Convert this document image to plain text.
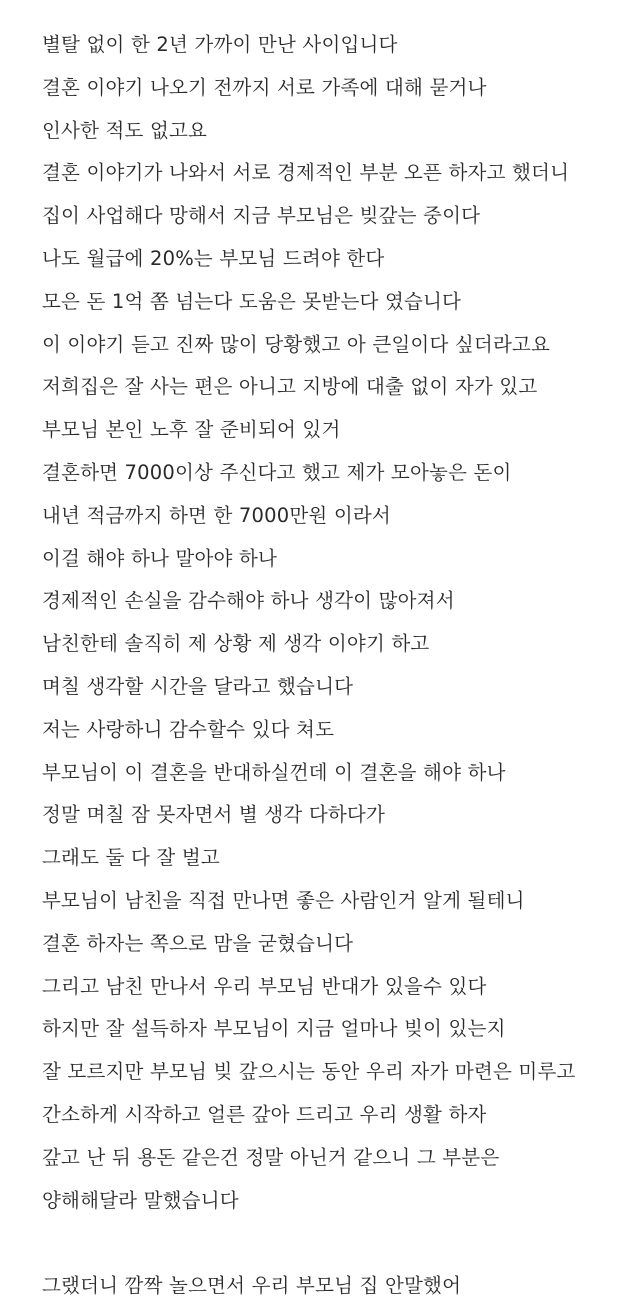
별탈 없이 한 2년 가까이 만난 사이입니다
결혼 이야기 나오기 전까지 서로 가족에 대해 묻거나
인사한 적도 없고요
결혼 이야기가 나와서 서로 경제적인 부분 오픈 하자고 했더니
집이 사업해다 망해서 지금 부모님은 빚갚는 중이다
나도 월급에 20%는 부모님 드려야 한다
모은 돈 1억 쫌 넘는다 도움은 못받는다 였습니다
이 이야기 듣고 진짜 많이 당황했고 아 큰일이다 싶더라고요
저희집은 잘 사는 편은 아니고 지방에 대출 없이 자가 있고
부모님 본인 노후 잘 준비되어 있거
결혼하면 7000이상 주신다고 했고 제가 모아놓은 돈이
내년 적금까지 하면 한 7000만원 이라서
이걸 해야 하나 말아야 하나
경제적인 손실을 감수해야 하나 생각이 많아져서
남친한테 솔직히 제 상황 제 생각 이야기 하고
며칠 생각할 시간을 달라고 했습니다
저는 사랑하니 감수할수 있다 쳐도
부모님이 이 결혼을 반대하실껀데 이 결혼을 해야 하나
정말 며칠 잠 못자면서 별 생각 다하다가
그래도 둘 다 잘 벌고
부모님이 남친을 직접 만나면 좋은 사람인거 알게 될테니
결혼 하자는 쪽으로 맘을 굳혔습니다
그리고 남친 만나서 우리 부모님 반대가 있을수 있다
하지만 잘 설득하자 부모님이 지금 얼마나 빚이 있는지
잘 모르지만 부모님 빚 갚으시는 동안 우리 자가 마련은 미루고
간소하게 시작하고 얼른 갚아 드리고 우리 생활 하자
갚고 난 뒤 용돈 같은건 정말 아닌거 같으니 그 부분은
양해해달라 말했습니다
그랬더니 깜짝 놀으면서 우리 부모님 집 안말했어
